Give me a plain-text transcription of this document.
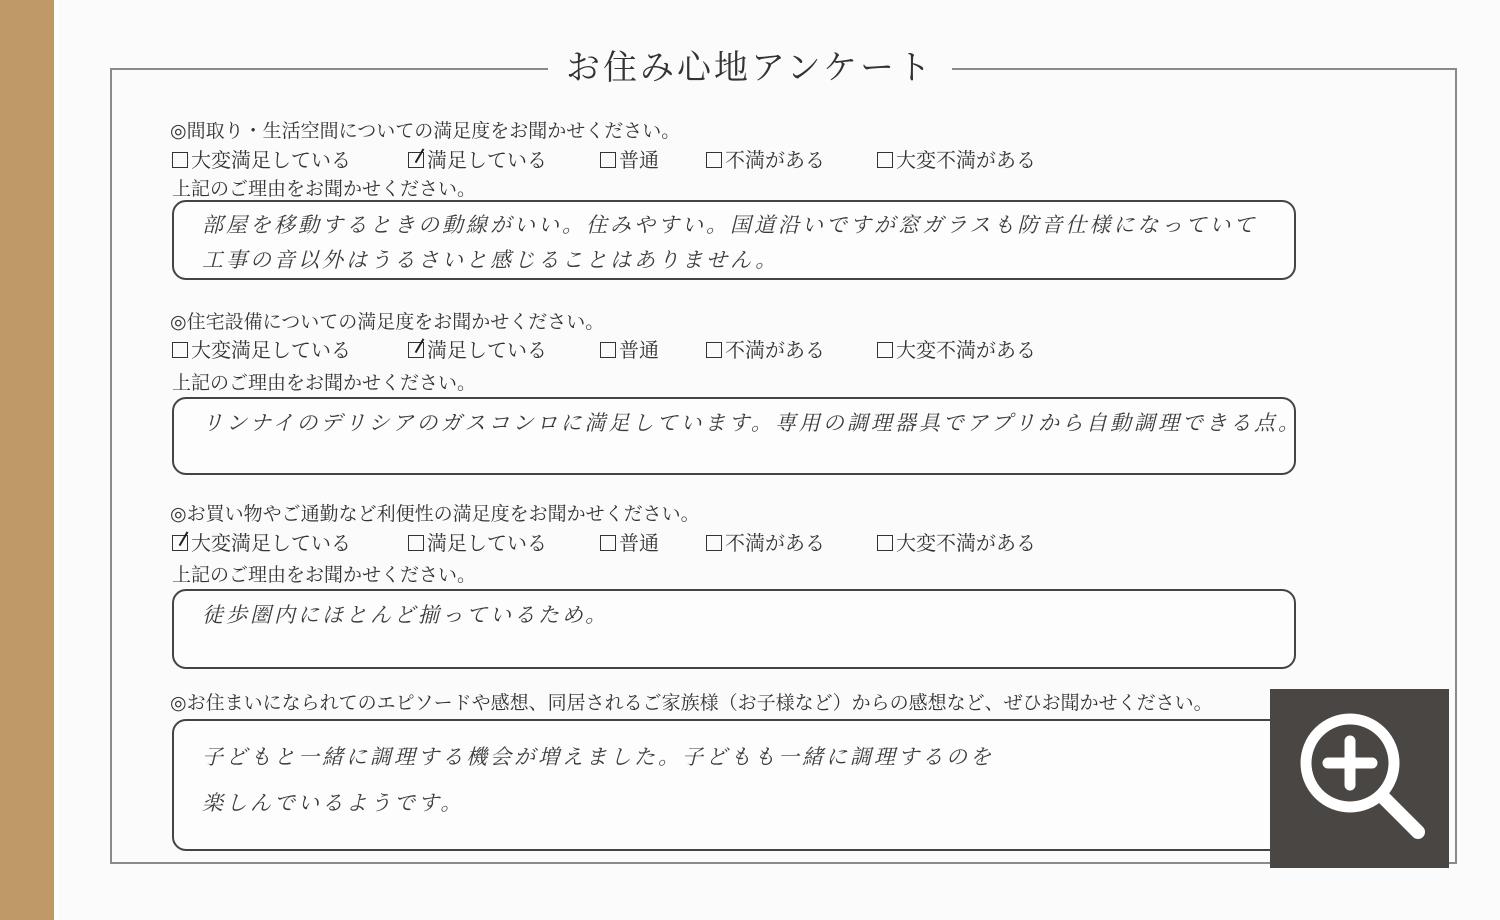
お住み心地アンケート
◎間取り・生活空間についての満足度をお聞かせください。
大変満足している	満足している	普通	不満がある	大変不満がある
上記のご理由をお聞かせください。
部屋を移動するときの動線がいい。住みやすい。国道沿いですが窓ガラスも防音仕様になっていて
工事の音以外はうるさいと感じることはありません。
◎住宅設備についての満足度をお聞かせください。
大変満足している	満足している	普通	不満がある	大変不満がある
上記のご理由をお聞かせください。
リンナイのデリシアのガスコンロに満足しています。専用の調理器具でアプリから自動調理できる点。
◎お買い物やご通勤など利便性の満足度をお聞かせください。
大変満足している	満足している	普通	不満がある	大変不満がある
上記のご理由をお聞かせください。
徒歩圏内にほとんど揃っているため。
◎お住まいになられてのエピソードや感想、同居されるご家族様（お子様など）からの感想など、ぜひお聞かせください。
子どもと一緒に調理する機会が増えました。子どもも一緒に調理するのを
楽しんでいるようです。
